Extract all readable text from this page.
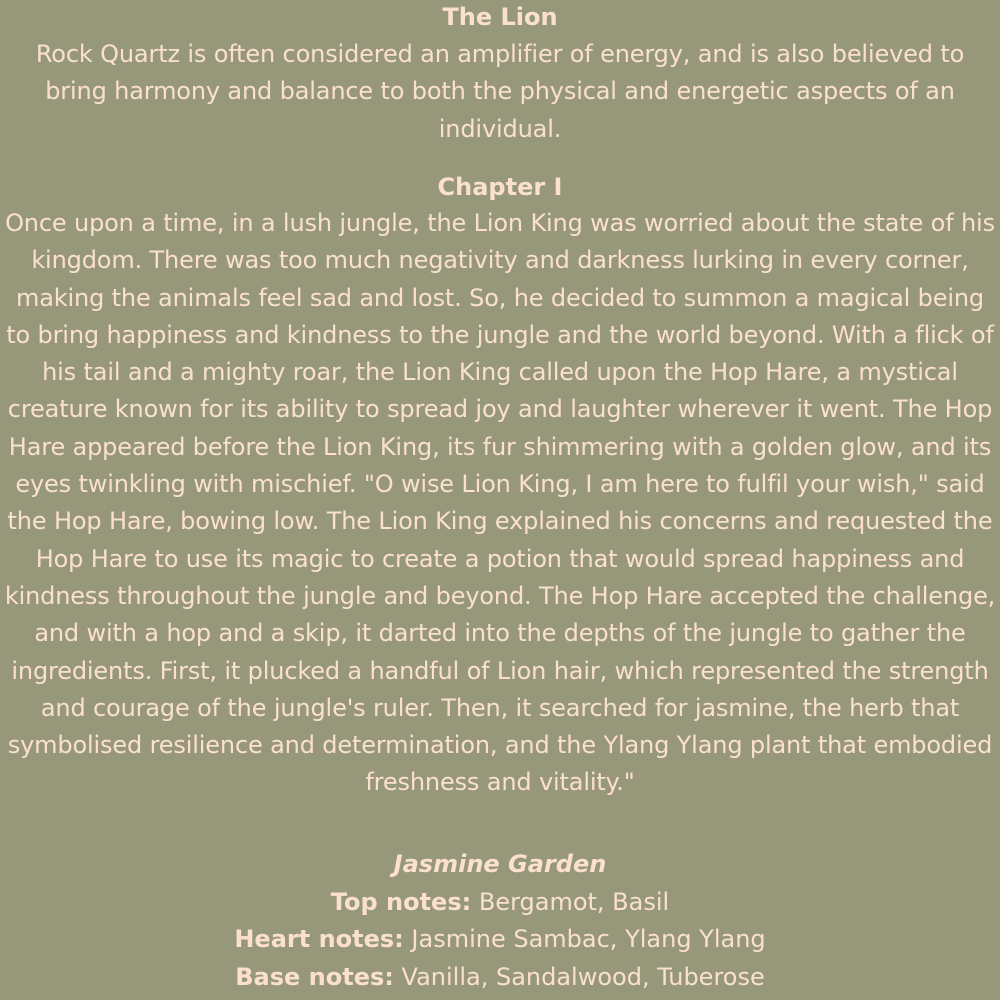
The Lion

Rock Quartz is often considered an amplifier of energy, and is also believed to bring harmony and balance to both the physical and energetic aspects of an individual.

Chapter I

Once upon a time, in a lush jungle, the Lion King was worried about the state of his kingdom. There was too much negativity and darkness lurking in every corner, making the animals feel sad and lost. So, he decided to summon a magical being to bring happiness and kindness to the jungle and the world beyond. With a flick of his tail and a mighty roar, the Lion King called upon the Hop Hare, a mystical creature known for its ability to spread joy and laughter wherever it went. The Hop Hare appeared before the Lion King, its fur shimmering with a golden glow, and its eyes twinkling with mischief. "O wise Lion King, I am here to fulfil your wish," said the Hop Hare, bowing low. The Lion King explained his concerns and requested the Hop Hare to use its magic to create a potion that would spread happiness and kindness throughout the jungle and beyond. The Hop Hare accepted the challenge, and with a hop and a skip, it darted into the depths of the jungle to gather the ingredients. First, it plucked a handful of Lion hair, which represented the strength and courage of the jungle's ruler. Then, it searched for jasmine, the herb that symbolised resilience and determination, and the Ylang Ylang plant that embodied freshness and vitality."

Jasmine Garden
Top notes: Bergamot, Basil
Heart notes: Jasmine Sambac, Ylang Ylang
Base notes: Vanilla, Sandalwood, Tuberose
